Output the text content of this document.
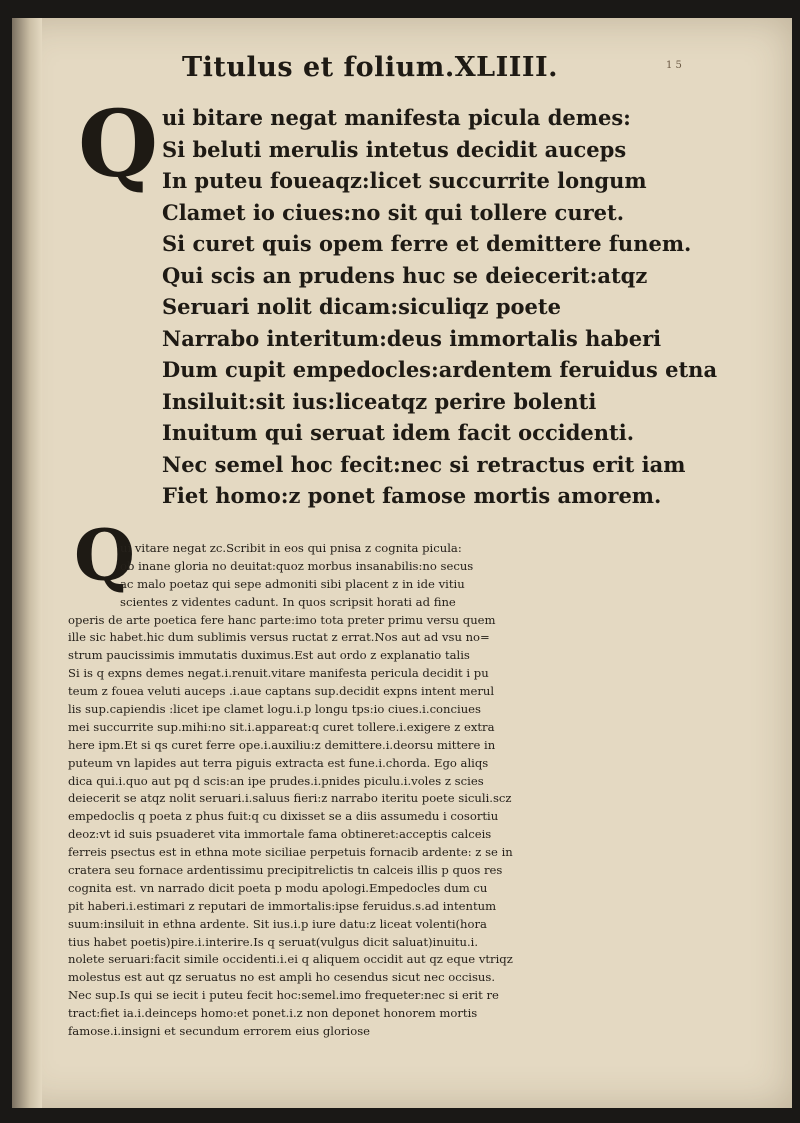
Titulus et folium.XLIIII.	1 5
Q ui bitare negat manifesta picula demes:
Si beluti merulis intetus decidit auceps
In puteu foueaqz:licet succurrite longum
Clamet io ciues:no sit qui tollere curet.
Si curet quis opem ferre et demittere funem.
Qui scis an prudens huc se deiecerit:atqz
Seruari nolit dicam:siculiqz poete
Narrabo interitum:deus immortalis haberi
Dum cupit empedocles:ardentem feruidus etna
Insiluit:sit ius:liceatqz perire bolenti
Inuitum qui seruat idem facit occidenti.
Nec semel hoc fecit:nec si retractus erit iam
Fiet homo:z ponet famose mortis amorem.
Q
ui vitare negat zc.Scribit in eos qui pnisa z cognita picula:
ob inane gloria no deuitat:quoz morbus insanabilis:no secus
ac malo poetaz qui sepe admoniti sibi placent z in ide vitiu
scientes z videntes cadunt. In quos scripsit horati ad fine
operis de arte poetica fere hanc parte:imo tota preter primu versu quem
ille sic habet.hic dum sublimis versus ructat z errat.Nos aut ad vsu no=
strum paucissimis immutatis duximus.Est aut ordo z explanatio talis
Si is q expns demes negat.i.renuit.vitare manifesta pericula decidit i pu
teum z fouea veluti auceps .i.aue captans sup.decidit expns intent merul
lis sup.capiendis :licet ipe clamet logu.i.p longu tps:io ciues.i.conciues
mei succurrite sup.mihi:no sit.i.appareat:q curet tollere.i.exigere z extra
here ipm.Et si qs curet ferre ope.i.auxiliu:z demittere.i.deorsu mittere in
puteum vn lapides aut terra piguis extracta est fune.i.chorda. Ego aliqs
dica qui.i.quo aut pq d scis:an ipe prudes.i.pnides piculu.i.voles z scies
deiecerit se atqz nolit seruari.i.saluus fieri:z narrabo iteritu poete siculi.scz
empedoclis q poeta z phus fuit:q cu dixisset se a diis assumedu i cosortiu
deoz:vt id suis psuaderet vita immortale fama obtineret:acceptis calceis
ferreis psectus est in ethna mote siciliae perpetuis fornacib ardente: z se in
cratera seu fornace ardentissimu precipitrelictis tn calceis illis p quos res
cognita est. vn narrado dicit poeta p modu apologi.Empedocles dum cu
pit haberi.i.estimari z reputari de immortalis:ipse feruidus.s.ad intentum
suum:insiluit in ethna ardente. Sit ius.i.p iure datu:z liceat volenti(hora
tius habet poetis)pire.i.interire.Is q seruat(vulgus dicit saluat)inuitu.i.
nolete seruari:facit simile occidenti.i.ei q aliquem occidit aut qz eque vtriqz
molestus est aut qz seruatus no est ampli ho cesendus sicut nec occisus.
Nec sup.Is qui se iecit i puteu fecit hoc:semel.imo frequeter:nec si erit re
tract:fiet ia.i.deinceps homo:et ponet.i.z non deponet honorem mortis
famose.i.insigni et secundum errorem eius gloriose
